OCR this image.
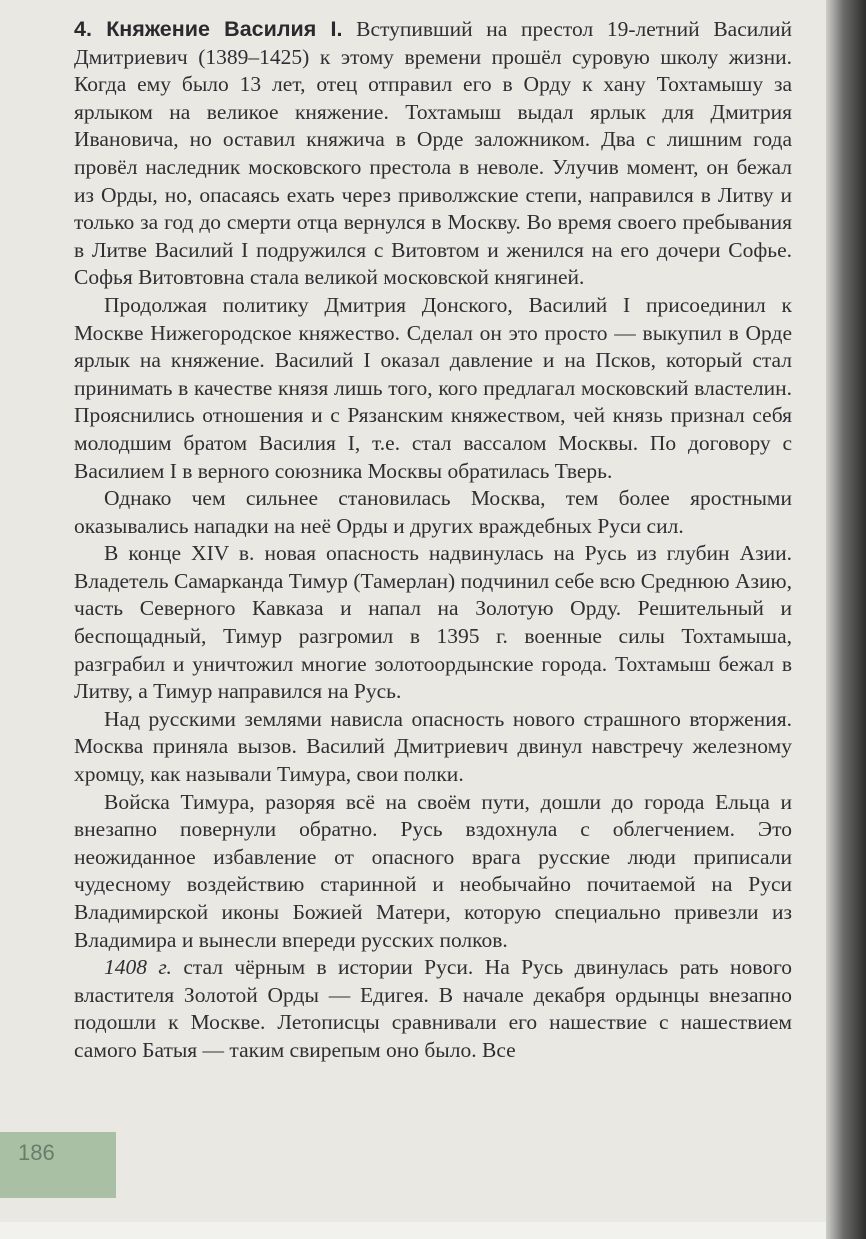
4. Княжение Василия I. Вступивший на престол 19-летний Василий Дмитриевич (1389–1425) к этому времени прошёл суровую школу жизни. Когда ему было 13 лет, отец отправил его в Орду к хану Тохтамышу за ярлыком на великое княжение. Тохтамыш выдал ярлык для Дмитрия Ивановича, но оставил княжича в Орде заложником. Два с лишним года провёл наследник московского престола в неволе. Улучив момент, он бежал из Орды, но, опасаясь ехать через приволжские степи, направился в Литву и только за год до смерти отца вернулся в Москву. Во время своего пребывания в Литве Василий I подружился с Витовтом и женился на его дочери Софье. Софья Витовтовна стала великой московской княгиней.

Продолжая политику Дмитрия Донского, Василий I присоединил к Москве Нижегородское княжество. Сделал он это просто — выкупил в Орде ярлык на княжение. Василий I оказал давление и на Псков, который стал принимать в качестве князя лишь того, кого предлагал московский властелин. Прояснились отношения и с Рязанским княжеством, чей князь признал себя молодшим братом Василия I, т.е. стал вассалом Москвы. По договору с Василием I в верного союзника Москвы обратилась Тверь.

Однако чем сильнее становилась Москва, тем более яростными оказывались нападки на неё Орды и других враждебных Руси сил.

В конце XIV в. новая опасность надвинулась на Русь из глубин Азии. Владетель Самарканда Тимур (Тамерлан) подчинил себе всю Среднюю Азию, часть Северного Кавказа и напал на Золотую Орду. Решительный и беспощадный, Тимур разгромил в 1395 г. военные силы Тохтамыша, разграбил и уничтожил многие золотоордынские города. Тохтамыш бежал в Литву, а Тимур направился на Русь.

Над русскими землями нависла опасность нового страшного вторжения. Москва приняла вызов. Василий Дмитриевич двинул навстречу железному хромцу, как называли Тимура, свои полки.

Войска Тимура, разоряя всё на своём пути, дошли до города Ельца и внезапно повернули обратно. Русь вздохнула с облегчением. Это неожиданное избавление от опасного врага русские люди приписали чудесному воздействию старинной и необычайно почитаемой на Руси Владимирской иконы Божией Матери, которую специально привезли из Владимира и вынесли впереди русских полков.

1408 г. стал чёрным в истории Руси. На Русь двинулась рать нового властителя Золотой Орды — Едигея. В начале декабря ордынцы внезапно подошли к Москве. Летописцы сравнивали его нашествие с нашествием самого Батыя — таким свирепым оно было. Все

186
